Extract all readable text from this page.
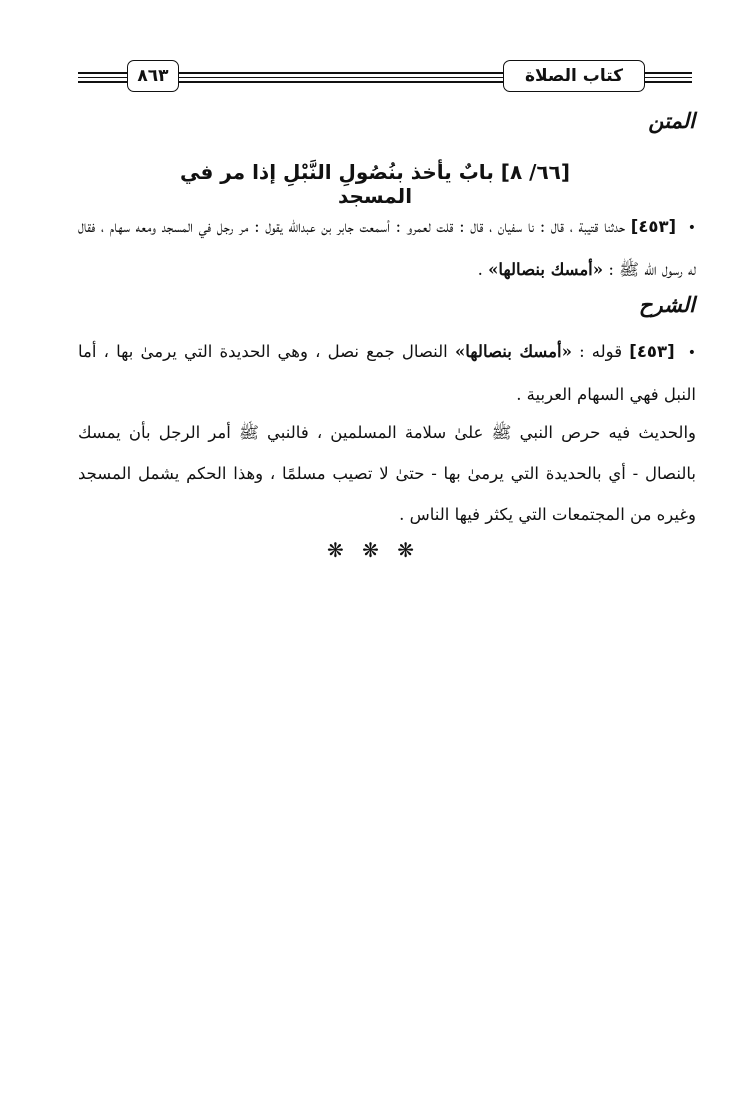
٨٦٣	كتاب الصلاة
المتن
[٦٦/ ٨] بابٌ يأخذ بنُصُولِ النَّبْلِ إذا مر في المسجد
• [٤٥٣] حدثنا قتيبة ، قال : نا سفيان ، قال : قلت لعمرو : أسمعت جابر بن عبدالله يقول : مر رجل في المسجد ومعه سهام ، فقال له رسول الله ﷺ : «أمسك بنصالها» .
الشرح
• [٤٥٣] قوله : «أمسك بنصالها» النصال جمع نصل ، وهي الحديدة التي يرمىٰ بها ، أما النبل فهي السهام العربية .
والحديث فيه حرص النبي ﷺ علىٰ سلامة المسلمين ، فالنبي ﷺ أمر الرجل بأن يمسك بالنصال - أي بالحديدة التي يرمىٰ بها - حتىٰ لا تصيب مسلمًا ، وهذا الحكم يشمل المسجد وغيره من المجتمعات التي يكثر فيها الناس .
❋ ❋ ❋
